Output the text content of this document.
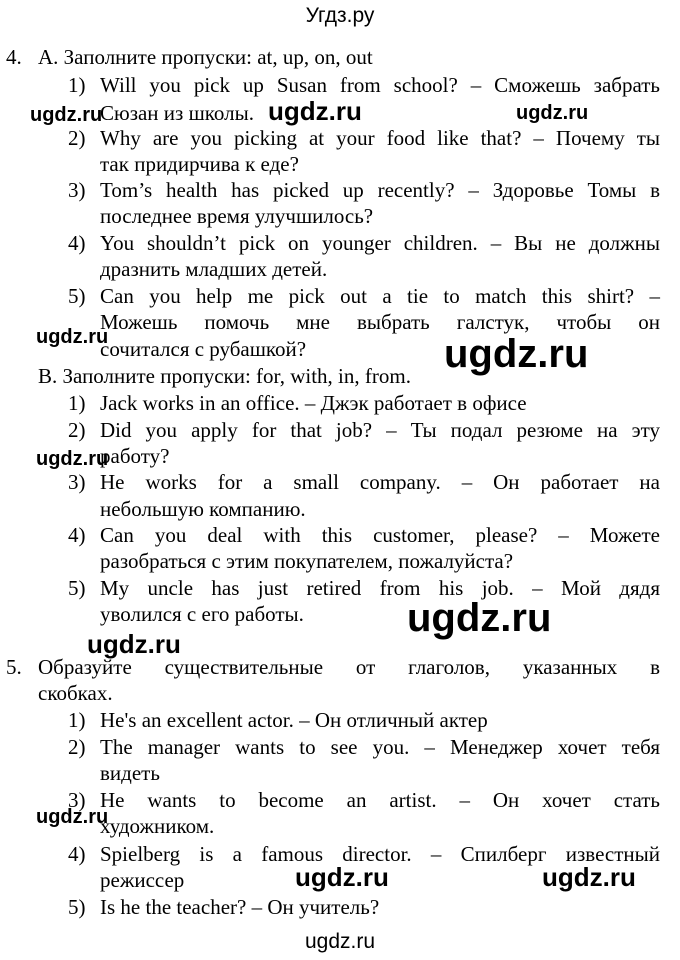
Угдз.ру
4. A. Заполните пропуски: at, up, on, out
1) Will you pick up Susan from school? – Сможешь забрать
Сюзан из школы.
2) Why are you picking at your food like that? – Почему ты
так придирчива к еде?
3) Tom’s health has picked up recently? – Здоровье Томы в
последнее время улучшилось?
4) You shouldn’t pick on younger children. – Вы не должны
дразнить младших детей.
5) Can you help me pick out a tie to match this shirt? –
Можешь помочь мне выбрать галстук, чтобы он
сочитался с рубашкой?
B. Заполните пропуски: for, with, in, from.
1) Jack works in an office. – Джэк работает в офисе
2) Did you apply for that job? – Ты подал резюме на эту
работу?
3) He works for a small company. – Он работает на
небольшую компанию.
4) Can you deal with this customer, please? – Можете
разобраться с этим покупателем, пожалуйста?
5) My uncle has just retired from his job. – Мой дядя
уволился с его работы.
5. Образуйте существительные от глаголов, указанных в
скобках.
1) He's an excellent actor. – Он отличный актер
2) The manager wants to see you. – Менеджер хочет тебя
видеть
3) He wants to become an artist. – Он хочет стать
художником.
4) Spielberg is a famous director. – Спилберг известный
режиссер
5) Is he the teacher? – Он учитель?
ugdz.ru	ugdz.ru	ugdz.ru
ugdz.ru	ugdz.ru
ugdz.ru
ugdz.ru
ugdz.ru
ugdz.ru
ugdz.ru	ugdz.ru
ugdz.ru
